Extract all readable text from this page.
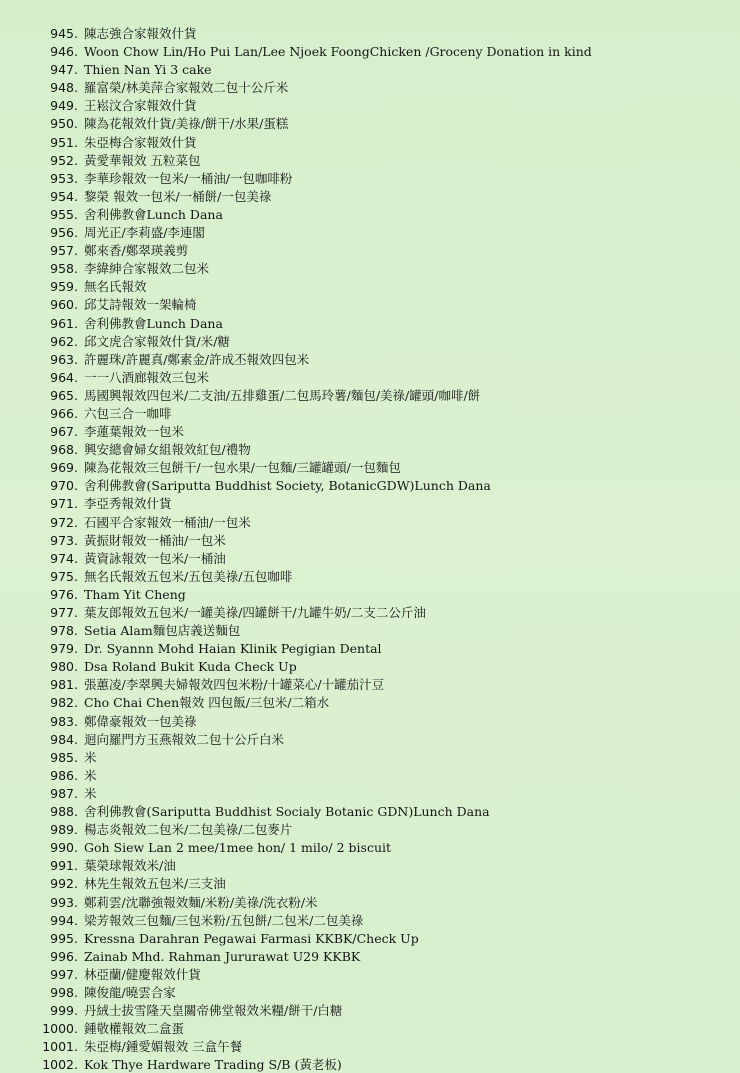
945. 陳志強合家報效什貨
946. Woon Chow Lin/Ho Pui Lan/Lee Njoek FoongChicken /Groceny Donation in kind
947. Thien Nan Yi 3 cake
948. 羅富榮/林美萍合家報效二包十公斤米
949. 王崧汶合家報效什貨
950. 陳為花報效什貨/美祿/餅干/水果/蛋糕
951. 朱亞梅合家報效什貨
952. 黃愛華報效 五粒菜包
953. 李華珍報效一包米/一桶油/一包咖啡粉
954. 黎榮 報效一包米/一桶餅/一包美祿
955. 舍利佛教會Lunch Dana
956. 周光正/李莉盛/李連閣
957. 鄭來香/鄭翠瑛義剪
958. 李緯紳合家報效二包米
959. 無名氏報效
960. 邱艾詩報效一架輪椅
961. 舍利佛教會Lunch Dana
962. 邱文虎合家報效什貨/米/糖
963. 許麗珠/許麗真/鄭素金/許成丕報效四包米
964. 一一八酒廊報效三包米
965. 馬國興報效四包米/二支油/五排雞蛋/二包馬玲薯/麵包/美祿/罐頭/咖啡/餅
966. 六包三合一咖啡
967. 李蓮葉報效一包米
968. 興安總會婦女組報效紅包/禮物
969. 陳為花報效三包餅干/一包水果/一包麵/三罐罐頭/一包麵包
970. 舍利佛教會(Sariputta Buddhist Society, BotanicGDW)Lunch Dana
971. 李亞秀報效什貨
972. 石國平合家報效一桶油/一包米
973. 黃振財報效一桶油/一包米
974. 黃資詠報效一包米/一桶油
975. 無名氏報效五包米/五包美祿/五包咖啡
976. Tham Yit Cheng
977. 葉友郎報效五包米/一罐美祿/四罐餅干/九罐牛奶/二支二公斤油
978. Setia Alam麵包店義送麵包
979. Dr. Syannn Mohd Haian Klinik Pegigian Dental
980. Dsa Roland Bukit Kuda Check Up
981. 張蕙凌/李翠興夫婦報效四包米粉/十罐菜心/十罐茄汁豆
982. Cho Chai Chen報效 四包飯/三包米/二箱水
983. 鄭偉豪報效一包美祿
984. 迴向羅門方玉燕報效二包十公斤白米
985. 米
986. 米
987. 米
988. 舍利佛教會(Sariputta Buddhist Socialy Botanic GDN)Lunch Dana
989. 楊志炎報效二包米/二包美祿/二包麥片
990. Goh Siew Lan 2 mee/1mee hon/ 1 milo/ 2 biscuit
991. 葉榮球報效米/油
992. 林先生報效五包米/三支油
993. 鄭莉雲/沈聯強報效麵/米粉/美祿/洗衣粉/米
994. 梁芳報效三包麵/三包米粉/五包餅/二包米/二包美祿
995. Kressna Darahran Pegawai Farmasi KKBK/Check Up
996. Zainab Mhd. Rahman Jururawat U29 KKBK
997. 林亞蘭/健慶報效什貨
998. 陳俊龍/曉雲合家
999. 丹絨士拔雪隆天皇關帝佛堂報效米糧/餅干/白糖
1000. 鍾敬權報效二盒蛋
1001. 朱亞梅/鍾愛媚報效 三盒午餐
1002. Kok Thye Hardware Trading S/B (黃老板)
